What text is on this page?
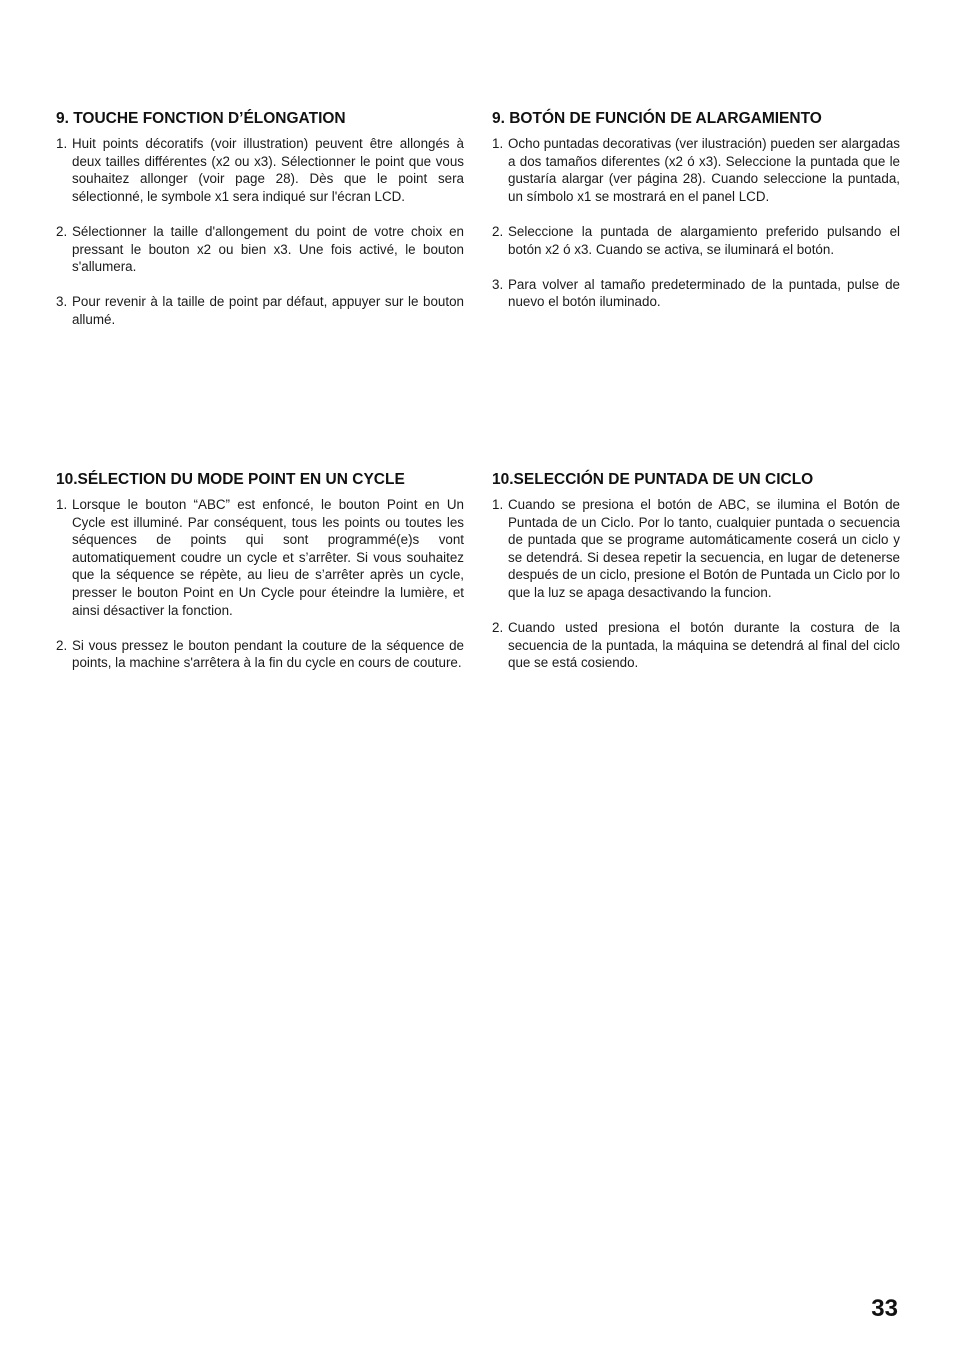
9. TOUCHE FONCTION D’ÉLONGATION
1. Huit points décoratifs (voir illustration) peuvent être allongés à deux tailles différentes (x2 ou x3). Sélectionner le point que vous souhaitez allonger (voir page 28). Dès que le point sera sélectionné, le symbole x1 sera indiqué sur l'écran LCD.
2. Sélectionner la taille d'allongement du point de votre choix en pressant le bouton x2 ou bien x3. Une fois activé, le bouton s'allumera.
3. Pour revenir à la taille de point par défaut, appuyer sur le bouton allumé.
9. BOTÓN DE FUNCIÓN DE ALARGAMIENTO
1. Ocho puntadas decorativas (ver ilustración) pueden ser alargadas a dos tamaños diferentes (x2 ó x3). Seleccione la puntada que le gustaría alargar (ver página 28). Cuando seleccione la puntada, un símbolo x1 se mostrará en el panel LCD.
2. Seleccione la puntada de alargamiento preferido pulsando el botón x2 ó x3. Cuando se activa, se iluminará el botón.
3. Para volver al tamaño predeterminado de la puntada, pulse de nuevo el botón iluminado.
10.SÉLECTION DU MODE POINT EN UN CYCLE
1. Lorsque le bouton “ABC” est enfoncé, le bouton Point en Un Cycle est illuminé. Par conséquent, tous les points ou toutes les séquences de points qui sont programmé(e)s vont automatiquement coudre un cycle et s’arrêter. Si vous souhaitez que la séquence se répète, au lieu de s’arrêter après un cycle, presser le bouton Point en Un Cycle pour éteindre la lumière, et ainsi désactiver la fonction.
2. Si vous pressez le bouton pendant la couture de la séquence de points, la machine s'arrêtera à la fin du cycle en cours de couture.
10.SELECCIÓN DE PUNTADA DE UN CICLO
1. Cuando se presiona el botón de ABC, se ilumina el Botón de Puntada de un Ciclo. Por lo tanto, cualquier puntada o secuencia de puntada que se programe automáticamente coserá un ciclo y se detendrá. Si desea repetir la secuencia, en lugar de detenerse después de un ciclo, presione el Botón de Puntada un Ciclo por lo que la luz se apaga desactivando la funcion.
2. Cuando usted presiona el botón durante la costura de la secuencia de la puntada, la máquina se detendrá al final del ciclo que se está cosiendo.
33
